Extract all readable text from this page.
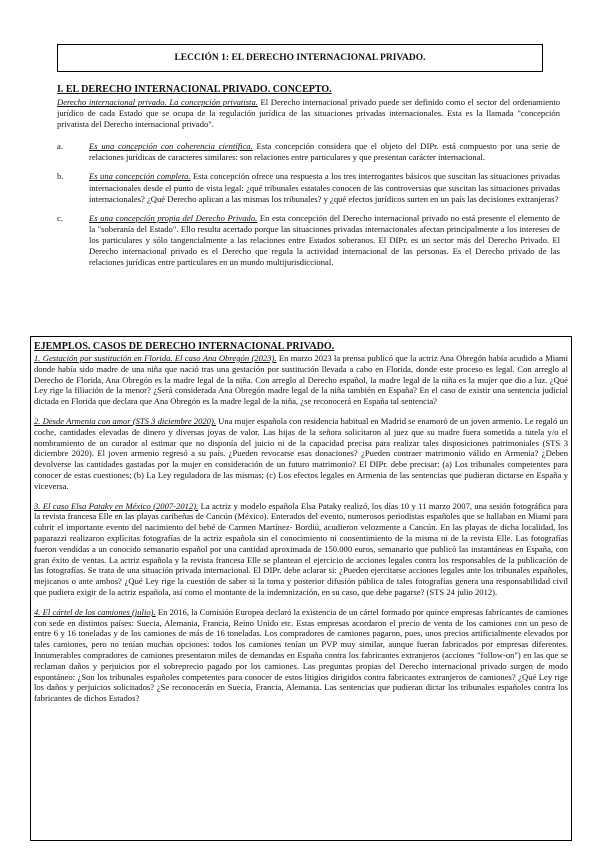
LECCIÓN 1: EL DERECHO INTERNACIONAL PRIVADO.
I. EL DERECHO INTERNACIONAL PRIVADO. CONCEPTO.

Derecho internacional privado. La concepción privatista. El Derecho internacional privado puede ser definido como el sector del ordenamiento jurídico de cada Estado que se ocupa de la regulación jurídica de las situaciones privadas internacionales. Esta es la llamada "concepción privatista del Derecho internacional privado".

a.	Es una concepción con coherencia científica. Esta concepción considera que el objeto del DIPr. está compuesto por una serie de relaciones jurídicas de caracteres similares: son relaciones entre particulares y que presentan carácter internacional.

b.	Es una concepción completa. Esta concepción ofrece una respuesta a los tres interrogantes básicos que suscitan las situaciones privadas internacionales desde el punto de vista legal: ¿qué tribunales estatales conocen de las controversias que suscitan las situaciones privadas internacionales? ¿Qué Derecho aplican a las mismas los tribunales? y ¿qué efectos jurídicos surten en un país las decisiones extranjeras?

c.	Es una concepción propia del Derecho Privado. En esta concepción del Derecho internacional privado no está presente el elemento de la "soberanía del Estado". Ello resulta acertado porque las situaciones privadas internacionales afectan principalmente a los intereses de los particulares y sólo tangencialmente a las relaciones entre Estados soberanos. El DIPr. es un sector más del Derecho Privado. El Derecho internacional privado es el Derecho que regula la actividad internacional de las personas. Es el Derecho privado de las relaciones jurídicas entre particulares en un mundo multijurisdiccional.

EJEMPLOS. CASOS DE DERECHO INTERNACIONAL PRIVADO.

1. Gestación por sustitución en Florida. El caso Ana Obregón (2023). En marzo 2023 la prensa publicó que la actriz Ana Obregón había acudido a Miami donde había sido madre de una niña que nació tras una gestación por sustitución llevada a cabo en Florida, donde este proceso es legal. Con arreglo al Derecho de Florida, Ana Obregón es la madre legal de la niña. Con arreglo al Derecho español, la madre legal de la niña es la mujer que dio a luz. ¿Qué Ley rige la filiación de la menor? ¿Será considerada Ana Obregón madre legal de la niña también en España? En el caso de existir una sentencia judicial dictada en Florida que declara que Ana Obregón es la madre legal de la niña, ¿se reconocerá en España tal sentencia?

2. Desde Armenia con amor (STS 3 diciembre 2020). Una mujer española con residencia habitual en Madrid se enamoró de un joven armenio. Le regaló un coche, cantidades elevadas de dinero y diversas joyas de valor. Las hijas de la señora solicitaron al juez que su madre fuera sometida a tutela y/o el nombramiento de un curador al estimar que no disponía del juicio ni de la capacidad precisa para realizar tales disposiciones patrimoniales (STS 3 diciembre 2020). El joven armenio regresó a su país. ¿Pueden revocarse esas donaciones? ¿Pueden contraer matrimonio válido en Armenia? ¿Deben devolverse las cantidades gastadas por la mujer en consideración de un futuro matrimonio? El DIPr. debe precisar: (a) Los tribunales competentes para conocer de estas cuestiones; (b) La Ley reguladora de las mismas; (c) Los efectos legales en Armenia de las sentencias que pudieran dictarse en España y viceversa.

3. El caso Elsa Pataky en México (2007-2012). La actriz y modelo española Elsa Pataky realizó, los días 10 y 11 marzo 2007, una sesión fotográfica para la revista francesa Elle en las playas caribeñas de Cancún (México). Enterados del evento, numerosos periodistas españoles que se hallaban en Miami para cubrir el importante evento del nacimiento del bebé de Carmen Martínez- Bordiú, acudieron velozmente a Cancún. En las playas de dicha localidad, los paparazzi realizaron explícitas fotografías de la actriz española sin el conocimiento ni consentimiento de la misma ni de la revista Elle. Las fotografías fueron vendidas a un conocido semanario español por una cantidad aproximada de 150.000 euros, semanario que publicó las instantáneas en España, con gran éxito de ventas. La actriz española y la revista francesa Elle se plantean el ejercicio de acciones legales contra los responsables de la publicación de las fotografías. Se trata de una situación privada internacional. El DIPr. debe aclarar si: ¿Pueden ejercitarse acciones legales ante los tribunales españoles, mejicanos o ante ambos? ¿Qué Ley rige la cuestión de saber si la toma y posterior difusión pública de tales fotografías genera una responsabilidad civil que pudiera exigir de la actriz española, así como el montante de la indemnización, en su caso, que debe pagarse? (STS 24 julio 2012).

4. El cártel de los camiones (julio). En 2016, la Comisión Europea declaró la existencia de un cártel formado por quince empresas fabricantes de camiones con sede en distintos países: Suecia, Alemania, Francia, Reino Unido etc. Estas empresas acordaron el precio de venta de los camiones con un peso de entre 6 y 16 toneladas y de los camiones de más de 16 toneladas. Los compradores de camiones pagaron, pues, unos precios artificialmente elevados por tales camiones, pero no tenían muchas opciones: todos los camiones tenían un PVP muy similar, aunque fueran fabricados por empresas diferentes. Innumerables compradores de camiones presentaron miles de demandas en España contra los fabricantes extranjeros (acciones "follow-on") en las que se reclaman daños y perjuicios por el sobreprecio pagado por los camiones. Las preguntas propias del Derecho internacional privado surgen de modo espontáneo: ¿Son los tribunales españoles competentes para conocer de estos litigios dirigidos contra fabricantes extranjeros de camiones? ¿Qué Ley rige los daños y perjuicios solicitados? ¿Se reconocerán en Suecia, Francia, Alemania. Las sentencias que pudieran dictar los tribunales españoles contra los fabricantes de dichos Estados?
